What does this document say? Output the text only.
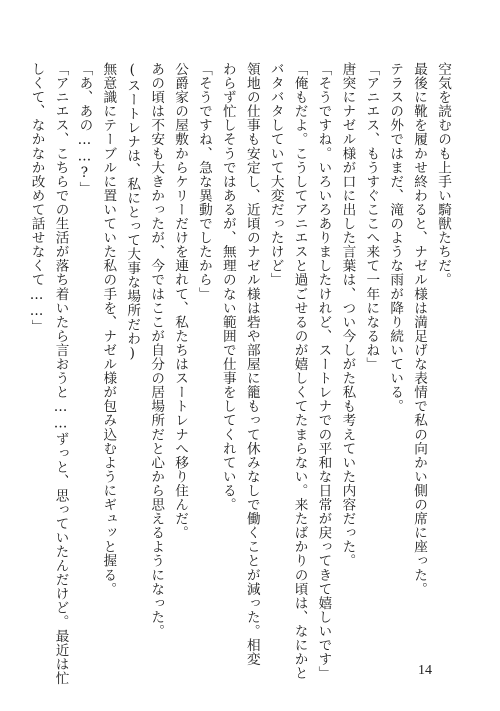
空気を読むのも上手い騎獣たちだ。
最後に靴を履かせ終わると、ナゼル様は満足げな表情で私の向かい側の席に座った。
テラスの外ではまだ、滝のような雨が降り続いている。
「アニエス、もうすぐここへ来て一年になるね」
唐突にナゼル様が口に出した言葉は、つい今しがた私も考えていた内容だった。
「そうですね。いろいろありましたけれど、スートレナでの平和な日常が戻ってきて嬉しいです」
「俺もだよ。こうしてアニエスと過ごせるのが嬉しくてたまらない。来たばかりの頃は、なにかと
バタバタしていて大変だったけど」
領地の仕事も安定し、近頃のナゼル様は砦や部屋に籠もって休みなしで働くことが減った。相変
わらず忙しそうではあるが、無理のない範囲で仕事をしてくれている。
「そうですね、急な異動でしたから」
公爵家の屋敷からケリーだけを連れて、私たちはスートレナへ移り住んだ。
あの頃は不安も大きかったが、今ではここが自分の居場所だと心から思えるようになった。
(スートレナは、私にとって大事な場所だわ)
無意識にテーブルに置いていた私の手を、ナゼル様が包み込むようにギュッと握る。
「あ、あの……?」
「アニエス、こちらでの生活が落ち着いたら言おうと……ずっと、思っていたんだけど。最近は忙
しくて、なかなか改めて話せなくて……」
14
